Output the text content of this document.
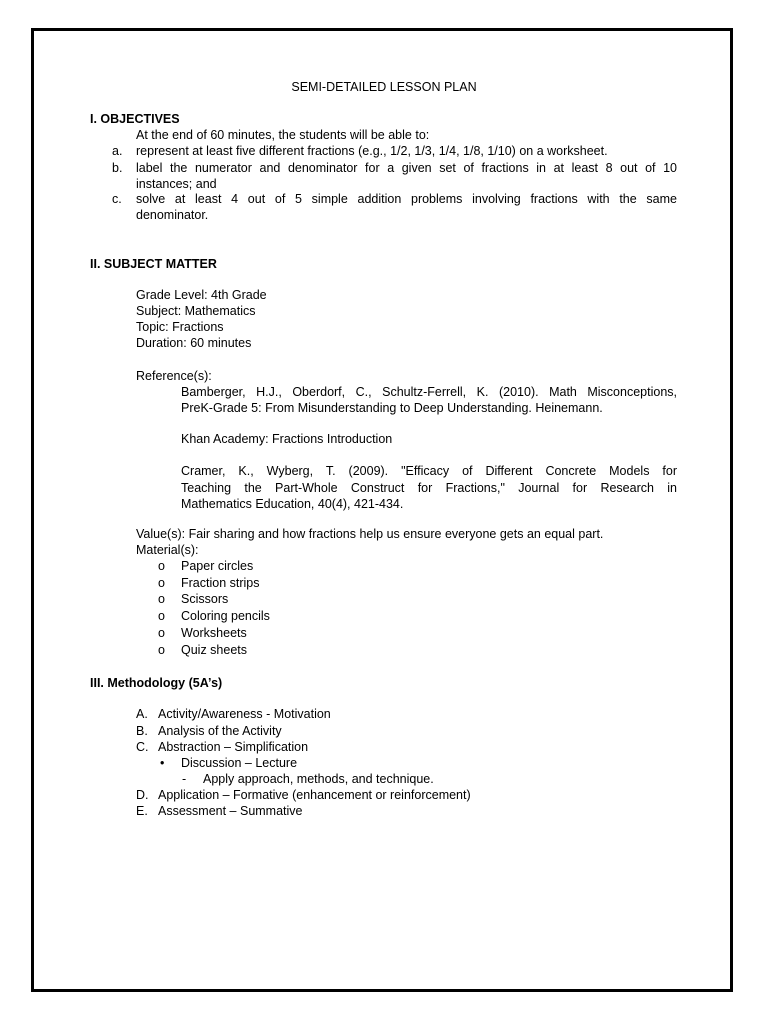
SEMI-DETAILED LESSON PLAN
I. OBJECTIVES
At the end of 60 minutes, the students will be able to:
a. represent at least five different fractions (e.g., 1/2, 1/3, 1/4, 1/8, 1/10) on a worksheet.
b. label the numerator and denominator for a given set of fractions in at least 8 out of 10
instances; and
c. solve at least 4 out of 5 simple addition problems involving fractions with the same
denominator.
II. SUBJECT MATTER
Grade Level: 4th Grade
Subject: Mathematics
Topic: Fractions
Duration: 60 minutes
Reference(s):
Bamberger, H.J., Oberdorf, C., Schultz-Ferrell, K. (2010). Math Misconceptions,
PreK-Grade 5: From Misunderstanding to Deep Understanding. Heinemann.
Khan Academy: Fractions Introduction
Cramer, K., Wyberg, T. (2009). "Efficacy of Different Concrete Models for
Teaching the Part-Whole Construct for Fractions," Journal for Research in
Mathematics Education, 40(4), 421-434.
Value(s): Fair sharing and how fractions help us ensure everyone gets an equal part.
Material(s):
o Paper circles
o Fraction strips
o Scissors
o Coloring pencils
o Worksheets
o Quiz sheets
III. Methodology (5A’s)
A. Activity/Awareness - Motivation
B. Analysis of the Activity
C. Abstraction – Simplification
• Discussion – Lecture
- Apply approach, methods, and technique.
D. Application – Formative (enhancement or reinforcement)
E. Assessment – Summative
